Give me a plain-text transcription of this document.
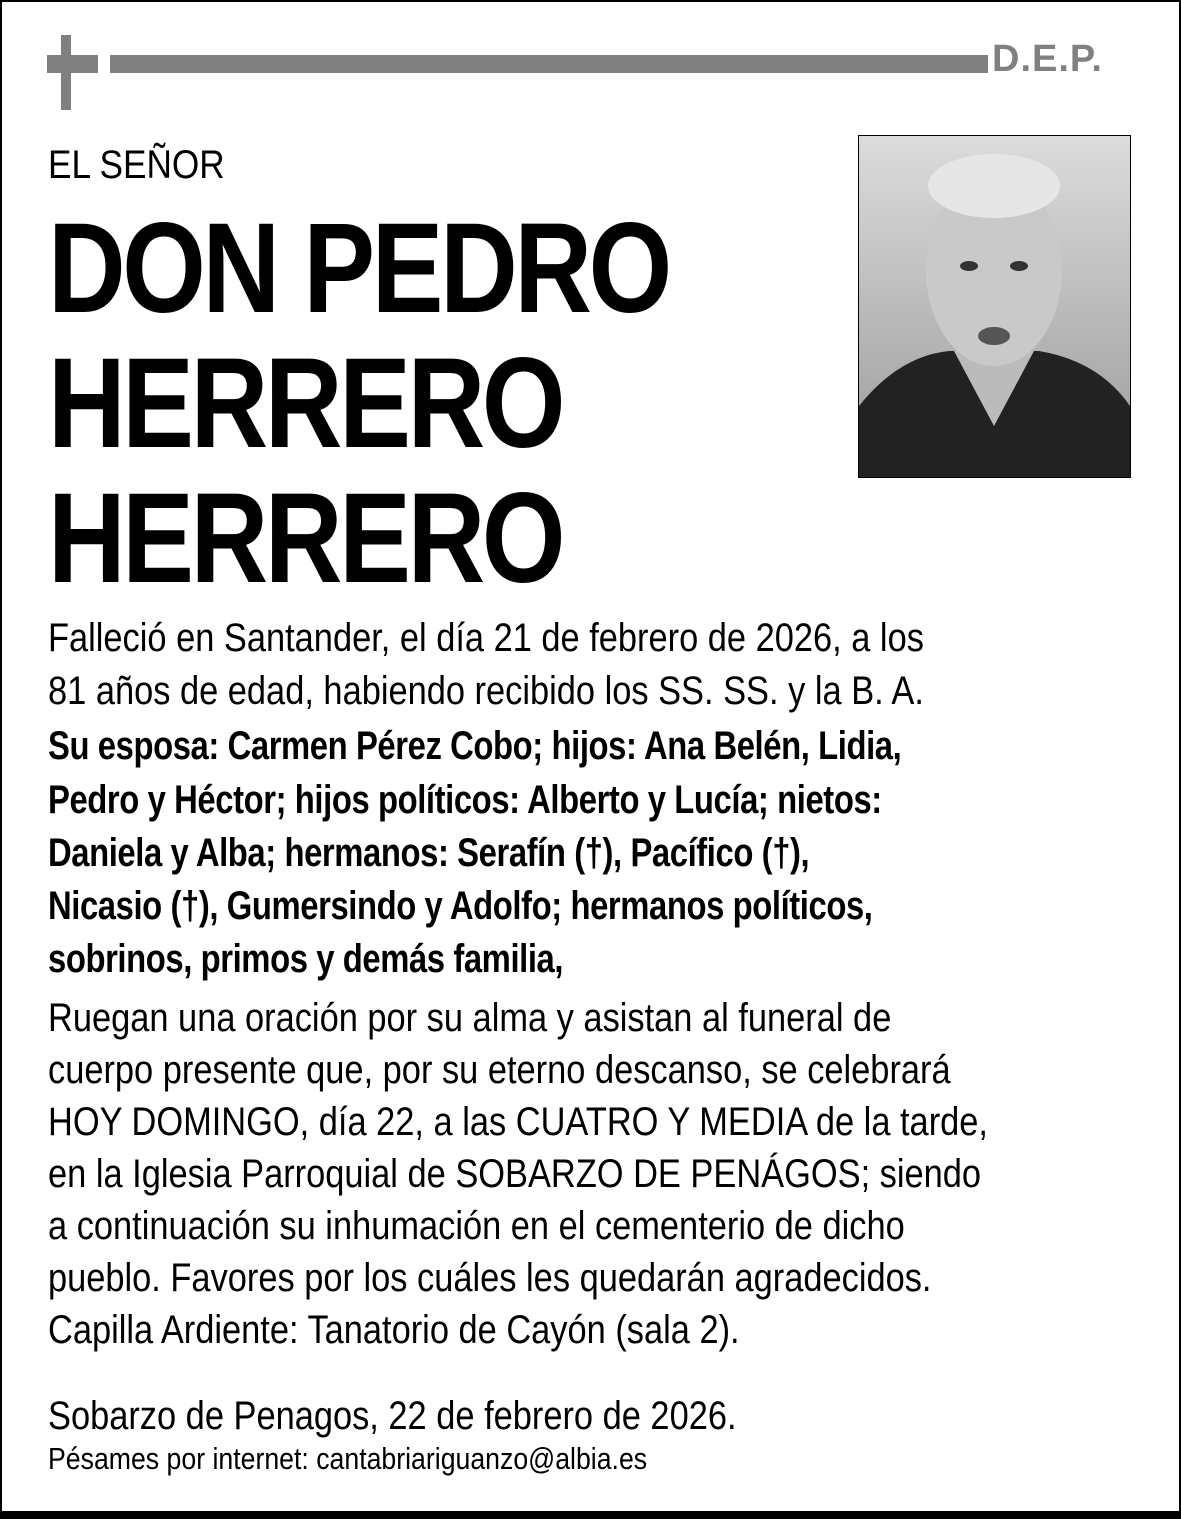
D.E.P.
EL SEÑOR
DON PEDRO
HERRERO
HERRERO
Falleció en Santander, el día 21 de febrero de 2026, a los
81 años de edad, habiendo recibido los SS. SS. y la B. A.
Su esposa: Carmen Pérez Cobo; hijos: Ana Belén, Lidia,
Pedro y Héctor; hijos políticos: Alberto y Lucía; nietos:
Daniela y Alba; hermanos: Serafín (†), Pacífico (†),
Nicasio (†), Gumersindo y Adolfo; hermanos políticos,
sobrinos, primos y demás familia,
Ruegan una oración por su alma y asistan al funeral de
cuerpo presente que, por su eterno descanso, se celebrará
HOY DOMINGO, día 22, a las CUATRO Y MEDIA de la tarde,
en la Iglesia Parroquial de SOBARZO DE PENÁGOS; siendo
a continuación su inhumación en el cementerio de dicho
pueblo. Favores por los cuáles les quedarán agradecidos.
Capilla Ardiente: Tanatorio de Cayón (sala 2).
Sobarzo de Penagos, 22 de febrero de 2026.
Pésames por internet: cantabriariguanzo@albia.es
